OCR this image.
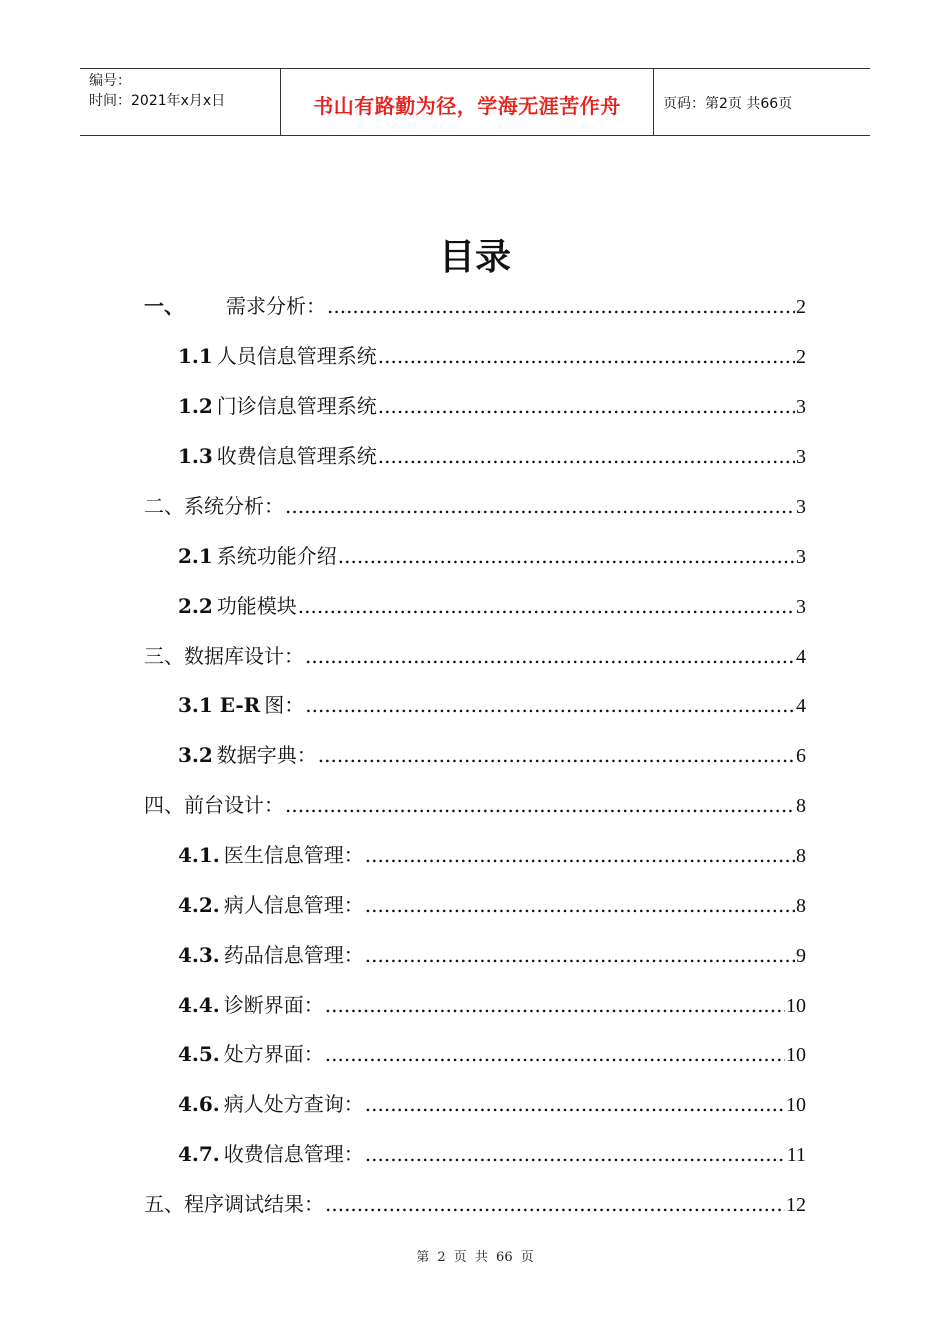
编号：
时间：2021年x月x日	书山有路勤为径，学海无涯苦作舟	页码：第2页 共66页
目录
一、 需求分析： .....	2
1.1 人员信息管理系统 .....	2
1.2 门诊信息管理系统 .....	3
1.3 收费信息管理系统 .....	3
二、系统分析： .....	3
2.1 系统功能介绍 .....	3
2.2 功能模块 .....	3
三、数据库设计： .....	4
3.1 E-R 图： .....	4
3.2 数据字典： .....	6
四、前台设计： .....	8
4.1. 医生信息管理： .....	8
4.2. 病人信息管理： .....	8
4.3. 药品信息管理： .....	9
4.4. 诊断界面： .....	10
4.5. 处方界面： .....	10
4.6. 病人处方查询： .....	10
4.7. 收费信息管理： .....	11
五、程序调试结果： .....	12
第 2 页 共 66 页
